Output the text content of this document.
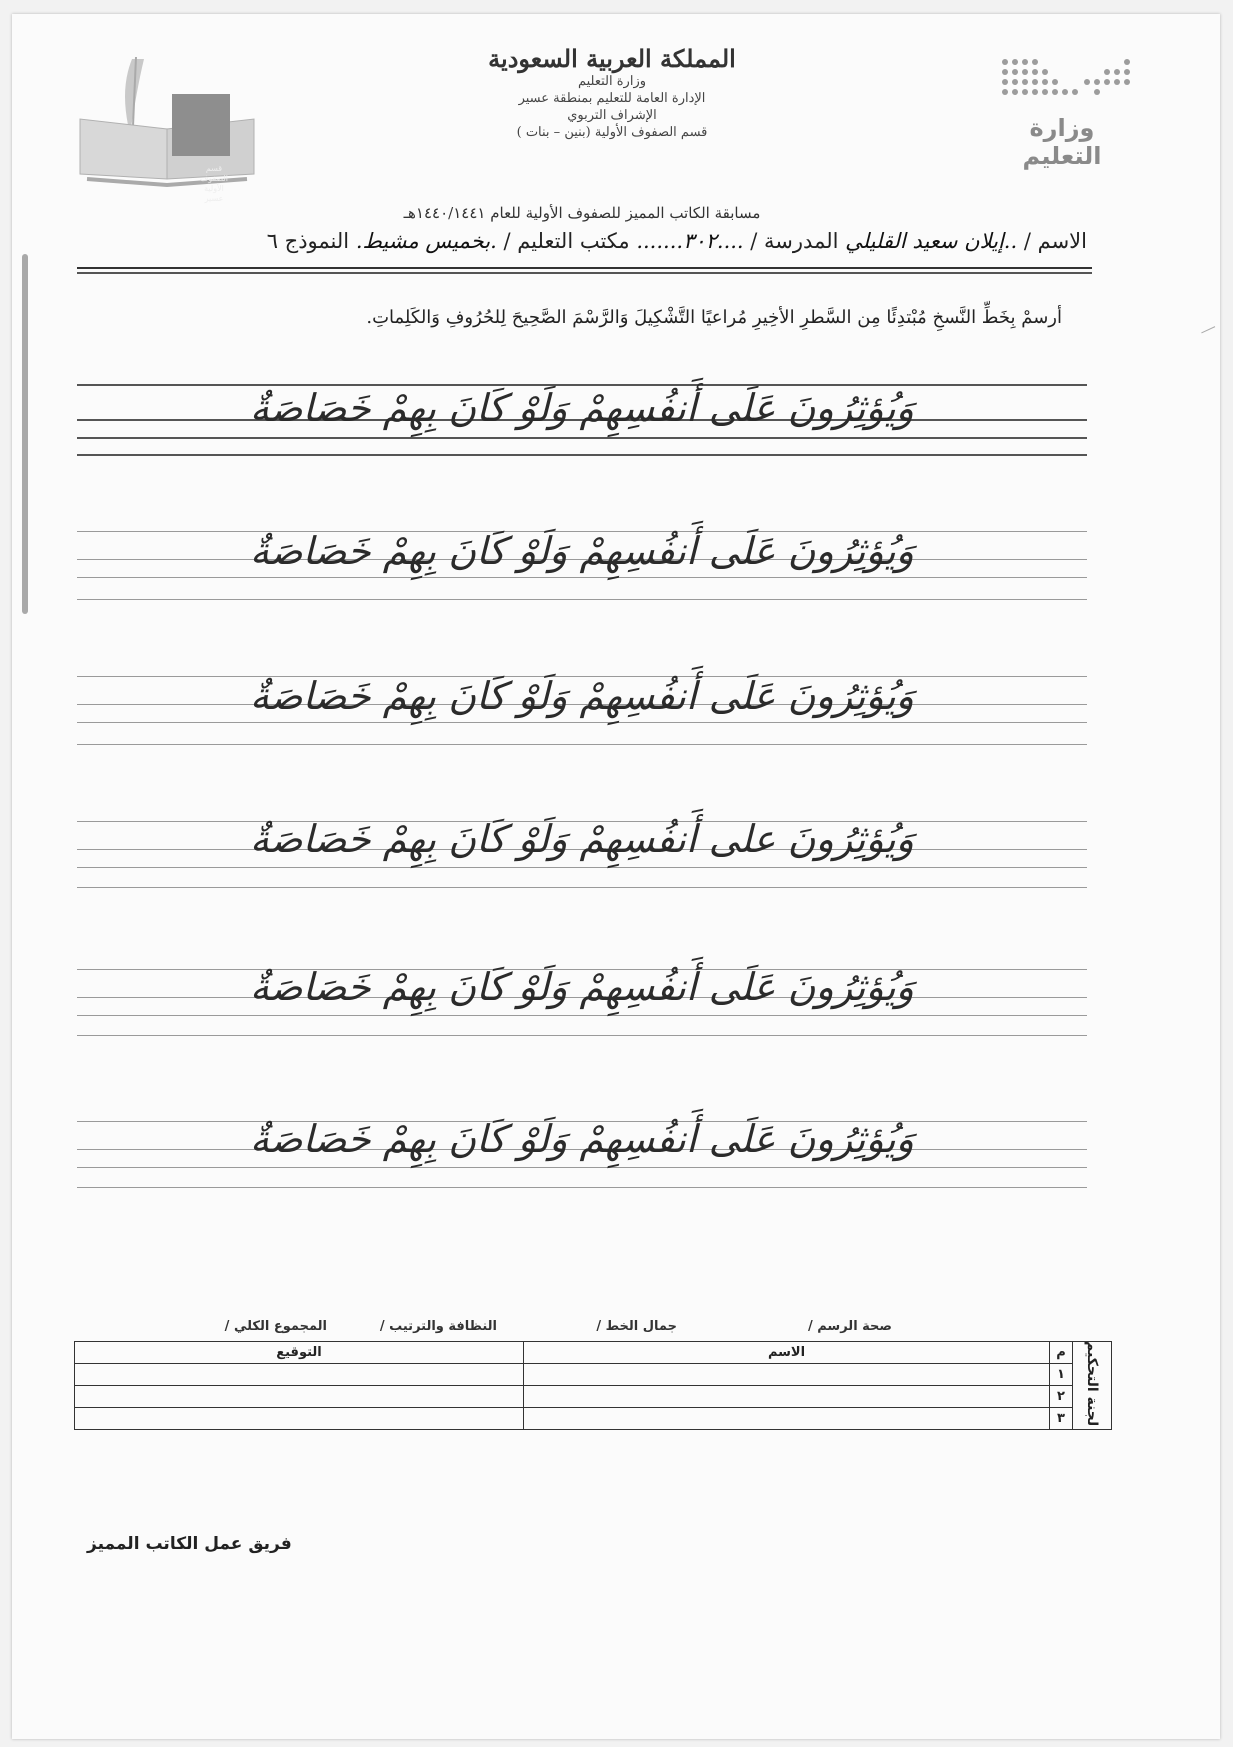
قسم الصفوف الأولية عسير
المملكة العربية السعودية
وزارة التعليم
الإدارة العامة للتعليم بمنطقة عسير
الإشراف التربوي
قسم الصفوف الأولية (بنين – بنات )	وزارة التعليم
مسابقة الكاتب المميز للصفوف الأولية للعام ١٤٤٠/١٤٤١هـ
الاسم / ..إيلان سعيد القليلي المدرسة / ....٣٠٢....... مكتب التعليم / .بخميس مشيط. النموذج ٦
أرسمْ بِخَطِّ النَّسخِ مُبْتدِئًا مِن السَّطرِ الأخِيرِ مُراعيًا التَّشْكِيلَ وَالرَّسْمَ الصَّحِيحَ لِلحُرُوفِ وَالكَلِماتِ.
وَيُؤثِرُونَ عَلَى أَنفُسِهِمْ وَلَوْ كَانَ بِهِمْ خَصَاصَةٌ
وَيُؤثِرُونَ عَلَى أَنفُسِهِمْ وَلَوْ كَانَ بِهِمْ خَصَاصَةٌ
وَيُؤثِرُونَ عَلَى أَنفُسِهِمْ وَلَوْ كَانَ بِهِمْ خَصَاصَةٌ
وَيُؤثِرُونَ على أَنفُسِهِمْ وَلَوْ كَانَ بِهِمْ خَصَاصَةٌ
وَيُؤثِرُونَ عَلَى أَنفُسِهِمْ وَلَوْ كَانَ بِهِمْ خَصَاصَةٌ
وَيُؤثِرُونَ عَلَى أَنفُسِهِمْ وَلَوْ كَانَ بِهِمْ خَصَاصَةٌ
صحة الرسم /
جمال الخط /
النظافة والترتيب /
المجموع الكلي /
لجنة التحكيم	م	الاسم	التوقيع
	١		
	٢		
	٣		
فريق عمل الكاتب المميز
